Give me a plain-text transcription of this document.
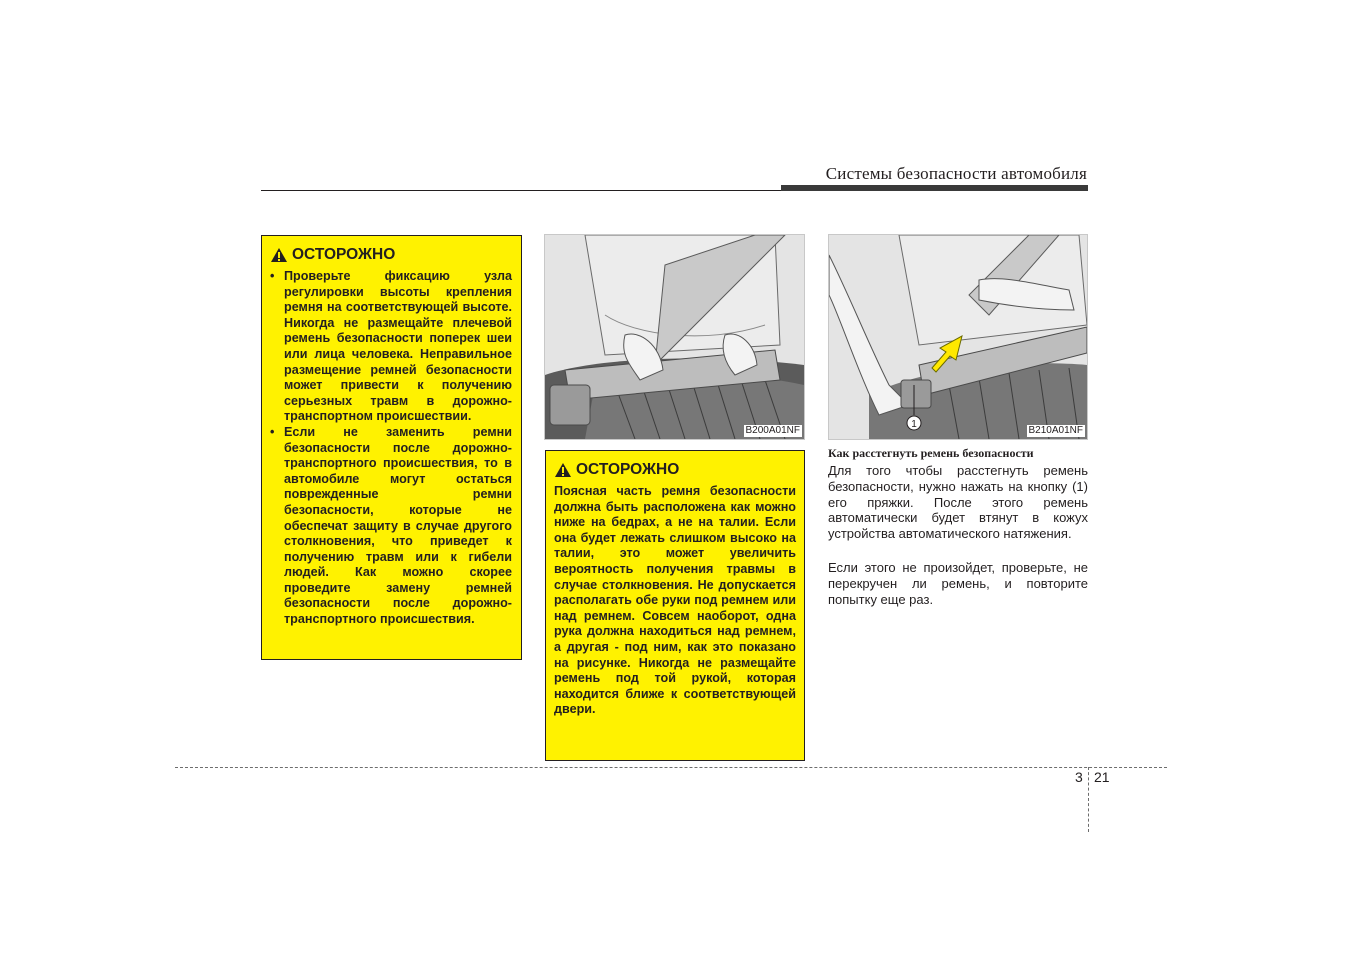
Системы безопасности автомобиля
ОСТОРОЖНО
• Проверьте фиксацию узла регулировки высоты крепления ремня на соответствующей высоте. Никогда не размещайте плечевой ремень безопасности поперек шеи или лица человека. Неправильное размещение ремней безопасности может привести к получению серьезных травм в дорожно-транспортном происшествии.
• Если не заменить ремни безопасности после дорожно-транспортного происшествия, то в автомобиле могут остаться поврежденные ремни безопасности, которые не обеспечат защиту в случае другого столкновения, что приведет к получению травм или к гибели людей. Как можно скорее проведите замену ремней безопасности после дорожно-транспортного происшествия.
B200A01NF
ОСТОРОЖНО
Поясная часть ремня безопасности должна быть расположена как можно ниже на бедрах, а не на талии. Если она будет лежать слишком высоко на талии, это может увеличить вероятность получения травмы в случае столкновения. Не допускается располагать обе руки под ремнем или над ремнем. Совсем наоборот, одна рука должна находиться над ремнем, а другая - под ним, как это показано на рисунке. Никогда не размещайте ремень под той рукой, которая находится ближе к соответствующей двери.
1
B210A01NF
Как расстегнуть ремень безопасности
Для того чтобы расстегнуть ремень безопасности, нужно нажать на кнопку (1) его пряжки. После этого ремень автоматически будет втянут в кожух устройства автоматического натяжения.
Если этого не произойдет, проверьте, не перекручен ли ремень, и повторите попытку еще раз.
3 21
